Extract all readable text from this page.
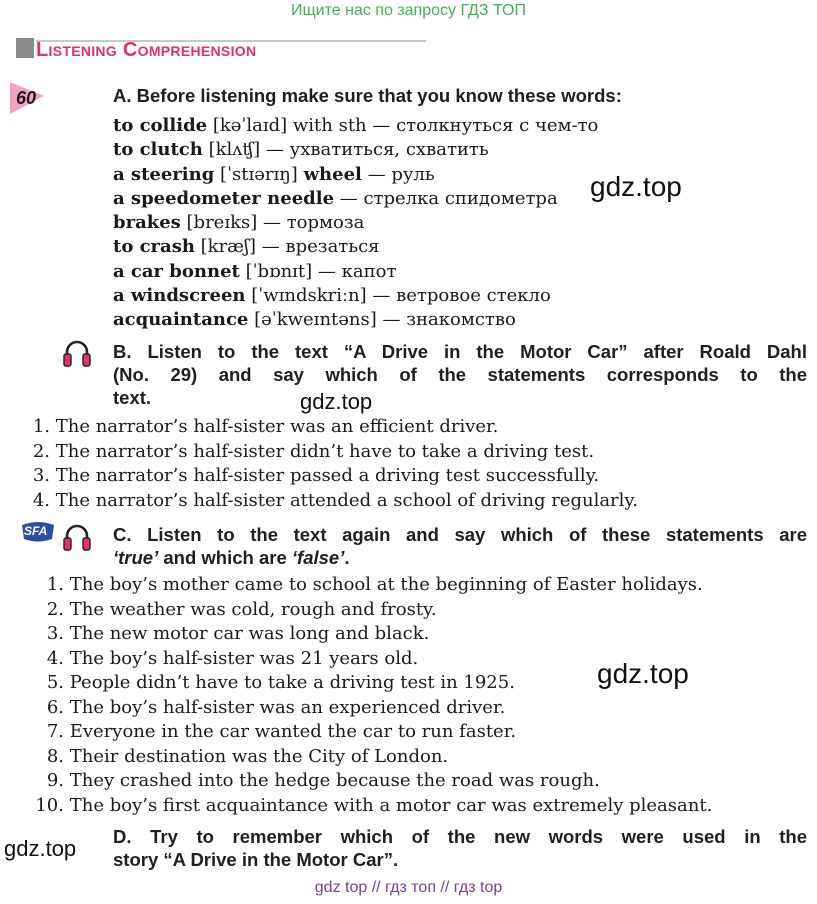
Ищите нас по запросу ГДЗ ТОП
Listening Comprehension
60	A. Before listening make sure that you know these words:
to collide [kəˈlaɪd] with sth — столкнуться с чем-то
to clutch [klʌʧ] — ухватиться, схватить
a steering [ˈstɪərɪŋ] wheel — руль
a speedometer needle — стрелка спидометра
brakes [breɪks] — тормоза
to crash [kræʃ] — врезаться
a car bonnet [ˈbɒnɪt] — капот
a windscreen [ˈwɪndskriːn] — ветровое стекло
acquaintance [əˈkweɪntəns] — знакомство
B. Listen to the text “A Drive in the Motor Car” after Roald Dahl
(No. 29) and say which of the statements corresponds to the
text.
1. The narrator’s half-sister was an efficient driver.
2. The narrator’s half-sister didn’t have to take a driving test.
3. The narrator’s half-sister passed a driving test successfully.
4. The narrator’s half-sister attended a school of driving regularly.
SFA	C. Listen to the text again and say which of these statements are
‘true’ and which are ‘false’.
1. The boy’s mother came to school at the beginning of Easter holidays.
2. The weather was cold, rough and frosty.
3. The new motor car was long and black.
4. The boy’s half-sister was 21 years old.
5. People didn’t have to take a driving test in 1925.
6. The boy’s half-sister was an experienced driver.
7. Everyone in the car wanted the car to run faster.
8. Their destination was the City of London.
9. They crashed into the hedge because the road was rough.
10. The boy’s first acquaintance with a motor car was extremely pleasant.
D. Try to remember which of the new words were used in the
story “A Drive in the Motor Car”.
gdz.top
gdz.top
gdz.top
gdz.top
gdz top // гдз топ // гдз top
